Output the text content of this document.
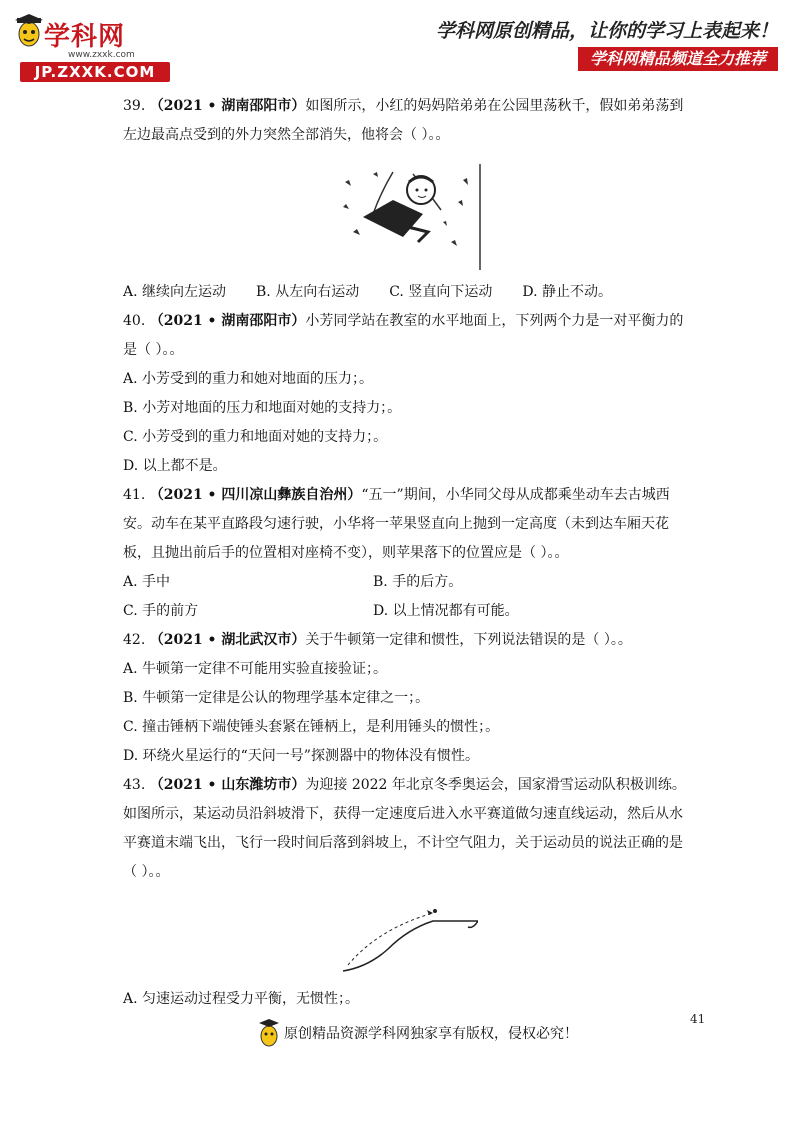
学科网
www.zxxk.com
JP.ZXXK.COM
学科网原创精品，让你的学习上表起来！
学科网精品频道全力推荐

39. （2021 • 湖南邵阳市）如图所示，小红的妈妈陪弟弟在公园里荡秋千，假如弟弟荡到左边最高点受到的外力突然全部消失，他将会（ ）。。

A. 继续向左运动 B. 从左向右运动 C. 竖直向下运动 D. 静止不动。

40. （2021 • 湖南邵阳市）小芳同学站在教室的水平地面上，下列两个力是一对平衡力的是（ ）。。

A. 小芳受到的重力和她对地面的压力；。

B. 小芳对地面的压力和地面对她的支持力；。

C. 小芳受到的重力和地面对她的支持力；。

D. 以上都不是。

41. （2021 • 四川凉山彝族自治州）“五一”期间，小华同父母从成都乘坐动车去古城西安。动车在某平直路段匀速行驶，小华将一苹果竖直向上抛到一定高度（未到达车厢天花板，且抛出前后手的位置相对座椅不变），则苹果落下的位置应是（ ）。。

A. 手中	B. 手的后方。
C. 手的前方	D. 以上情况都有可能。

42. （2021 • 湖北武汉市）关于牛顿第一定律和惯性，下列说法错误的是（ ）。。

A. 牛顿第一定律不可能用实验直接验证；。

B. 牛顿第一定律是公认的物理学基本定律之一；。

C. 撞击锤柄下端使锤头套紧在锤柄上，是利用锤头的惯性；。

D. 环绕火星运行的“天问一号”探测器中的物体没有惯性。

43. （2021 • 山东潍坊市）为迎接 2022 年北京冬季奥运会，国家滑雪运动队积极训练。如图所示，某运动员沿斜坡滑下，获得一定速度后进入水平赛道做匀速直线运动，然后从水平赛道末端飞出，飞行一段时间后落到斜坡上，不计空气阻力，关于运动员的说法正确的是（ ）。。

A. 匀速运动过程受力平衡，无惯性；。

41
原创精品资源学科网独家享有版权，侵权必究！
